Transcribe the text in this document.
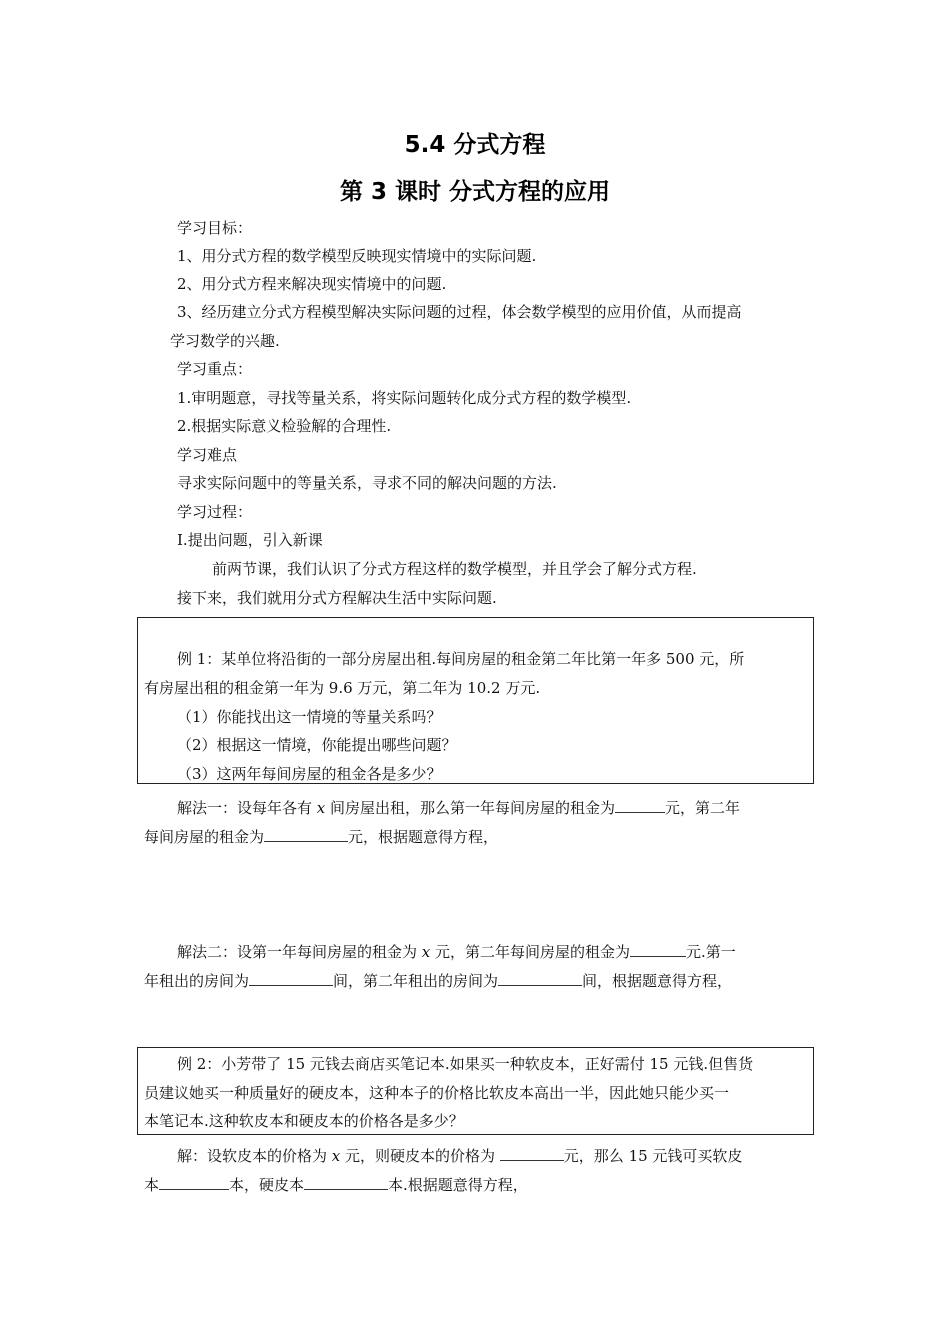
5.4 分式方程
第 3 课时 分式方程的应用
学习目标：
1、用分式方程的数学模型反映现实情境中的实际问题.
2、用分式方程来解决现实情境中的问题.
3、经历建立分式方程模型解决实际问题的过程，体会数学模型的应用价值，从而提高
学习数学的兴趣.
学习重点：
1.审明题意，寻找等量关系，将实际问题转化成分式方程的数学模型.
2.根据实际意义检验解的合理性.
学习难点
寻求实际问题中的等量关系，寻求不同的解决问题的方法.
学习过程：
Ⅰ.提出问题，引入新课
前两节课，我们认识了分式方程这样的数学模型，并且学会了解分式方程.
接下来，我们就用分式方程解决生活中实际问题.
例 1：某单位将沿街的一部分房屋出租.每间房屋的租金第二年比第一年多 500 元，所
有房屋出租的租金第一年为 9.6 万元，第二年为 10.2 万元.
（1）你能找出这一情境的等量关系吗？
（2）根据这一情境，你能提出哪些问题？
（3）这两年每间房屋的租金各是多少？
解法一：设每年各有 x 间房屋出租，那么第一年每间房屋的租金为	元，第二年
每间房屋的租金为	元，根据题意得方程，
解法二：设第一年每间房屋的租金为 x 元，第二年每间房屋的租金为	元.第一
年租出的房间为	间，第二年租出的房间为	间，根据题意得方程，
例 2：小芳带了 15 元钱去商店买笔记本.如果买一种软皮本，正好需付 15 元钱.但售货
员建议她买一种质量好的硬皮本，这种本子的价格比软皮本高出一半，因此她只能少买一
本笔记本.这种软皮本和硬皮本的价格各是多少？
解：设软皮本的价格为 x 元，则硬皮本的价格为	元，那么 15 元钱可买软皮
本	本，硬皮本	本.根据题意得方程，
